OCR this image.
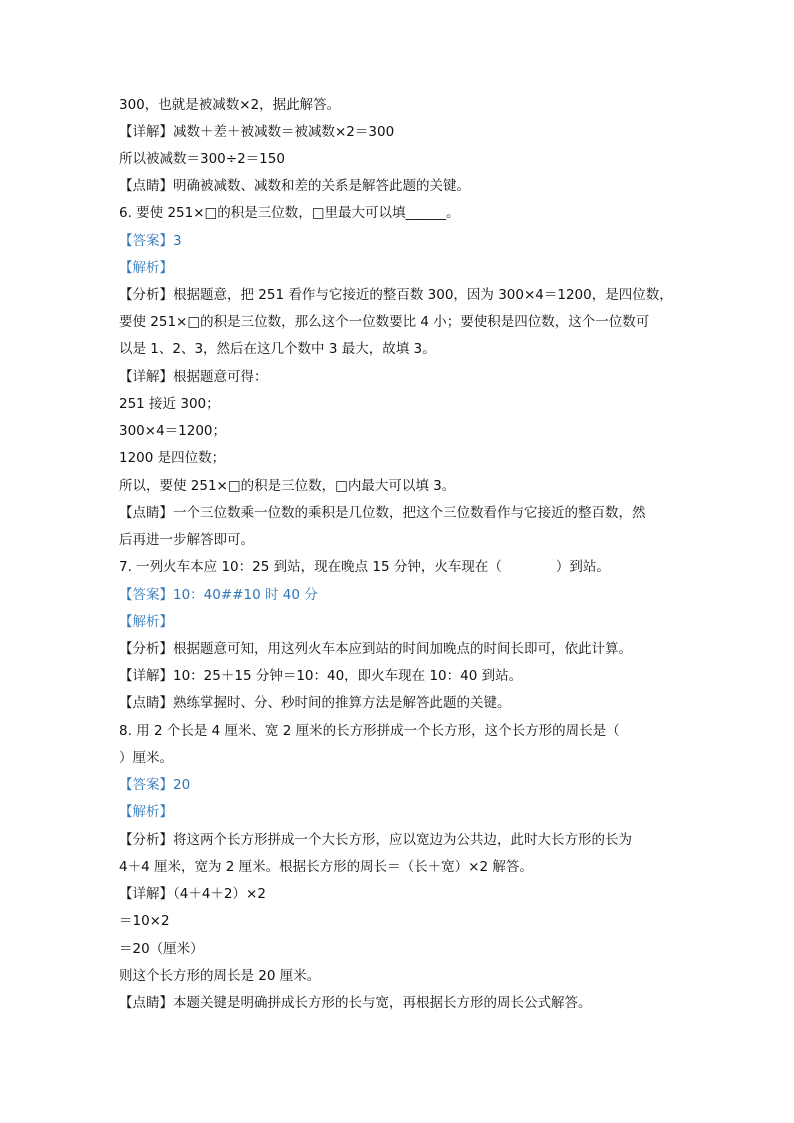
300，也就是被减数×2，据此解答。
【详解】减数＋差＋被减数＝被减数×2＝300
所以被减数＝300÷2＝150
【点睛】明确被减数、减数和差的关系是解答此题的关键。
6. 要使 251×□的积是三位数，□里最大可以填______。
【答案】3
【解析】
【分析】根据题意，把 251 看作与它接近的整百数 300，因为 300×4＝1200，是四位数，
要使 251×□的积是三位数，那么这个一位数要比 4 小；要使积是四位数，这个一位数可
以是 1、2、3，然后在这几个数中 3 最大，故填 3。
【详解】根据题意可得：
251 接近 300；
300×4＝1200；
1200 是四位数；
所以，要使 251×□的积是三位数，□内最大可以填 3。
【点睛】一个三位数乘一位数的乘积是几位数，把这个三位数看作与它接近的整百数，然
后再进一步解答即可。
7. 一列火车本应 10：25 到站，现在晚点 15 分钟，火车现在（　　　　）到站。
【答案】10：40##10 时 40 分
【解析】
【分析】根据题意可知，用这列火车本应到站的时间加晚点的时间长即可，依此计算。
【详解】10：25＋15 分钟＝10：40，即火车现在 10：40 到站。
【点睛】熟练掌握时、分、秒时间的推算方法是解答此题的关键。
8. 用 2 个长是 4 厘米、宽 2 厘米的长方形拼成一个长方形，这个长方形的周长是（
）厘米。
【答案】20
【解析】
【分析】将这两个长方形拼成一个大长方形，应以宽边为公共边，此时大长方形的长为
4＋4 厘米，宽为 2 厘米。根据长方形的周长＝（长＋宽）×2 解答。
【详解】（4＋4＋2）×2
＝10×2
＝20（厘米）
则这个长方形的周长是 20 厘米。
【点睛】本题关键是明确拼成长方形的长与宽，再根据长方形的周长公式解答。
